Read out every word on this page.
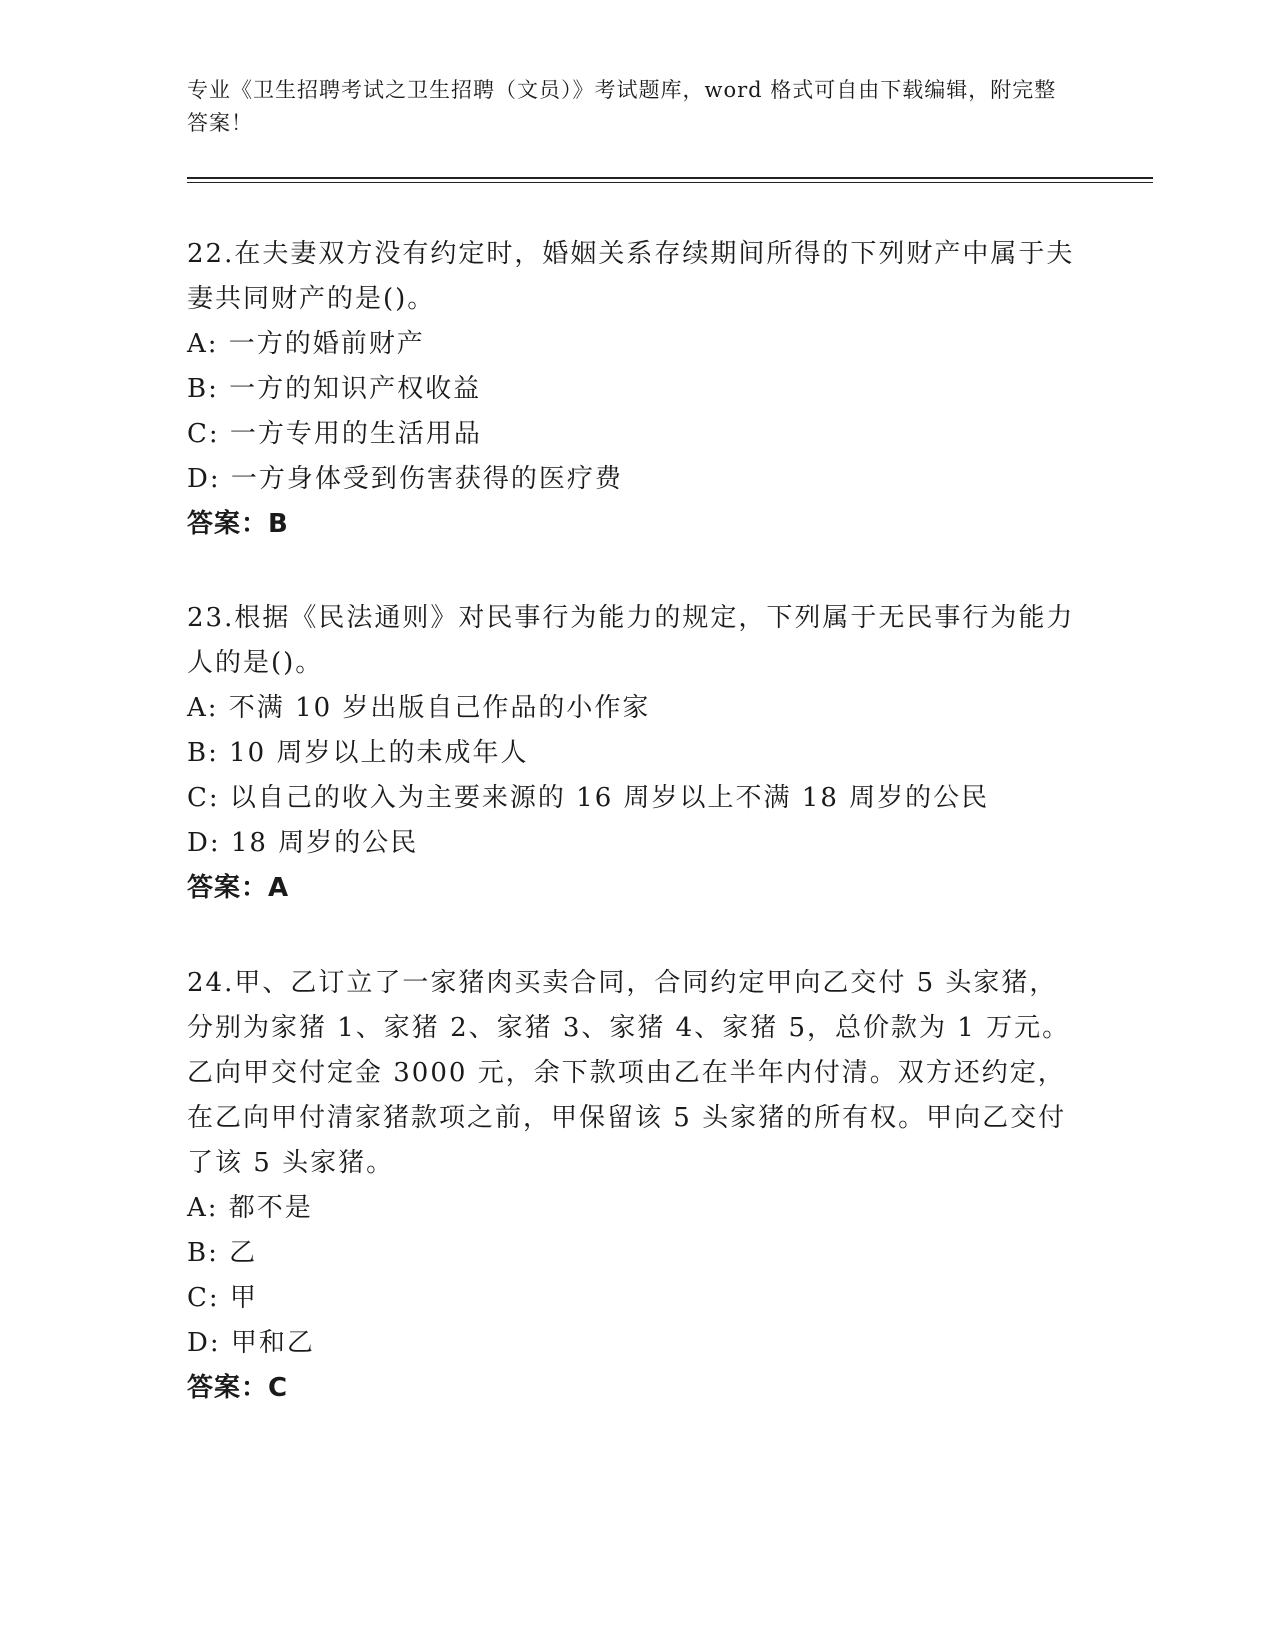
专业《卫生招聘考试之卫生招聘（文员）》考试题库，word 格式可自由下载编辑，附完整答案！
22.在夫妻双方没有约定时，婚姻关系存续期间所得的下列财产中属于夫妻共同财产的是()。
A: 一方的婚前财产
B: 一方的知识产权收益
C: 一方专用的生活用品
D: 一方身体受到伤害获得的医疗费
答案：B
23.根据《民法通则》对民事行为能力的规定，下列属于无民事行为能力人的是()。
A: 不满 10 岁出版自己作品的小作家
B: 10 周岁以上的未成年人
C: 以自己的收入为主要来源的 16 周岁以上不满 18 周岁的公民
D: 18 周岁的公民
答案：A
24.甲、乙订立了一家猪肉买卖合同，合同约定甲向乙交付 5 头家猪，分别为家猪 1、家猪 2、家猪 3、家猪 4、家猪 5，总价款为 1 万元。乙向甲交付定金 3000 元，余下款项由乙在半年内付清。双方还约定，在乙向甲付清家猪款项之前，甲保留该 5 头家猪的所有权。甲向乙交付了该 5 头家猪。
A: 都不是
B: 乙
C: 甲
D: 甲和乙
答案：C
